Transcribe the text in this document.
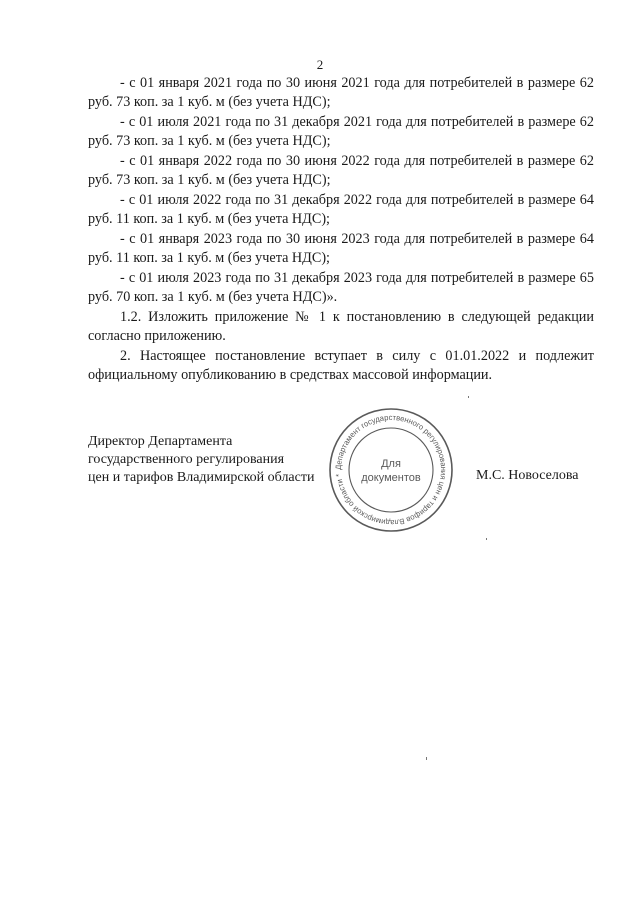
2
- с 01 января 2021 года по 30 июня 2021 года для потребителей в размере 62 руб. 73 коп. за 1 куб. м (без учета НДС);
- с 01 июля 2021 года по 31 декабря 2021 года для потребителей в размере 62 руб. 73 коп. за 1 куб. м (без учета НДС);
- с 01 января 2022 года по 30 июня 2022 года для потребителей в размере 62 руб. 73 коп. за 1 куб. м (без учета НДС);
- с 01 июля 2022 года по 31 декабря 2022 года для потребителей в размере 64 руб. 11 коп. за 1 куб. м (без учета НДС);
- с 01 января 2023 года по 30 июня 2023 года для потребителей в размере 64 руб. 11 коп. за 1 куб. м (без учета НДС);
- с 01 июля 2023 года по 31 декабря 2023 года для потребителей в размере 65 руб. 70 коп. за 1 куб. м (без учета НДС)».
1.2. Изложить приложение № 1 к постановлению в следующей редакции согласно приложению.
2. Настоящее постановление вступает в силу с 01.01.2022 и подлежит официальному опубликованию в средствах массовой информации.
Директор Департамента
государственного регулирования
цен и тарифов Владимирской области
Департамент государственного регулирования цен и тарифов Владимирской области *
Для
документов	М.С. Новоселова
